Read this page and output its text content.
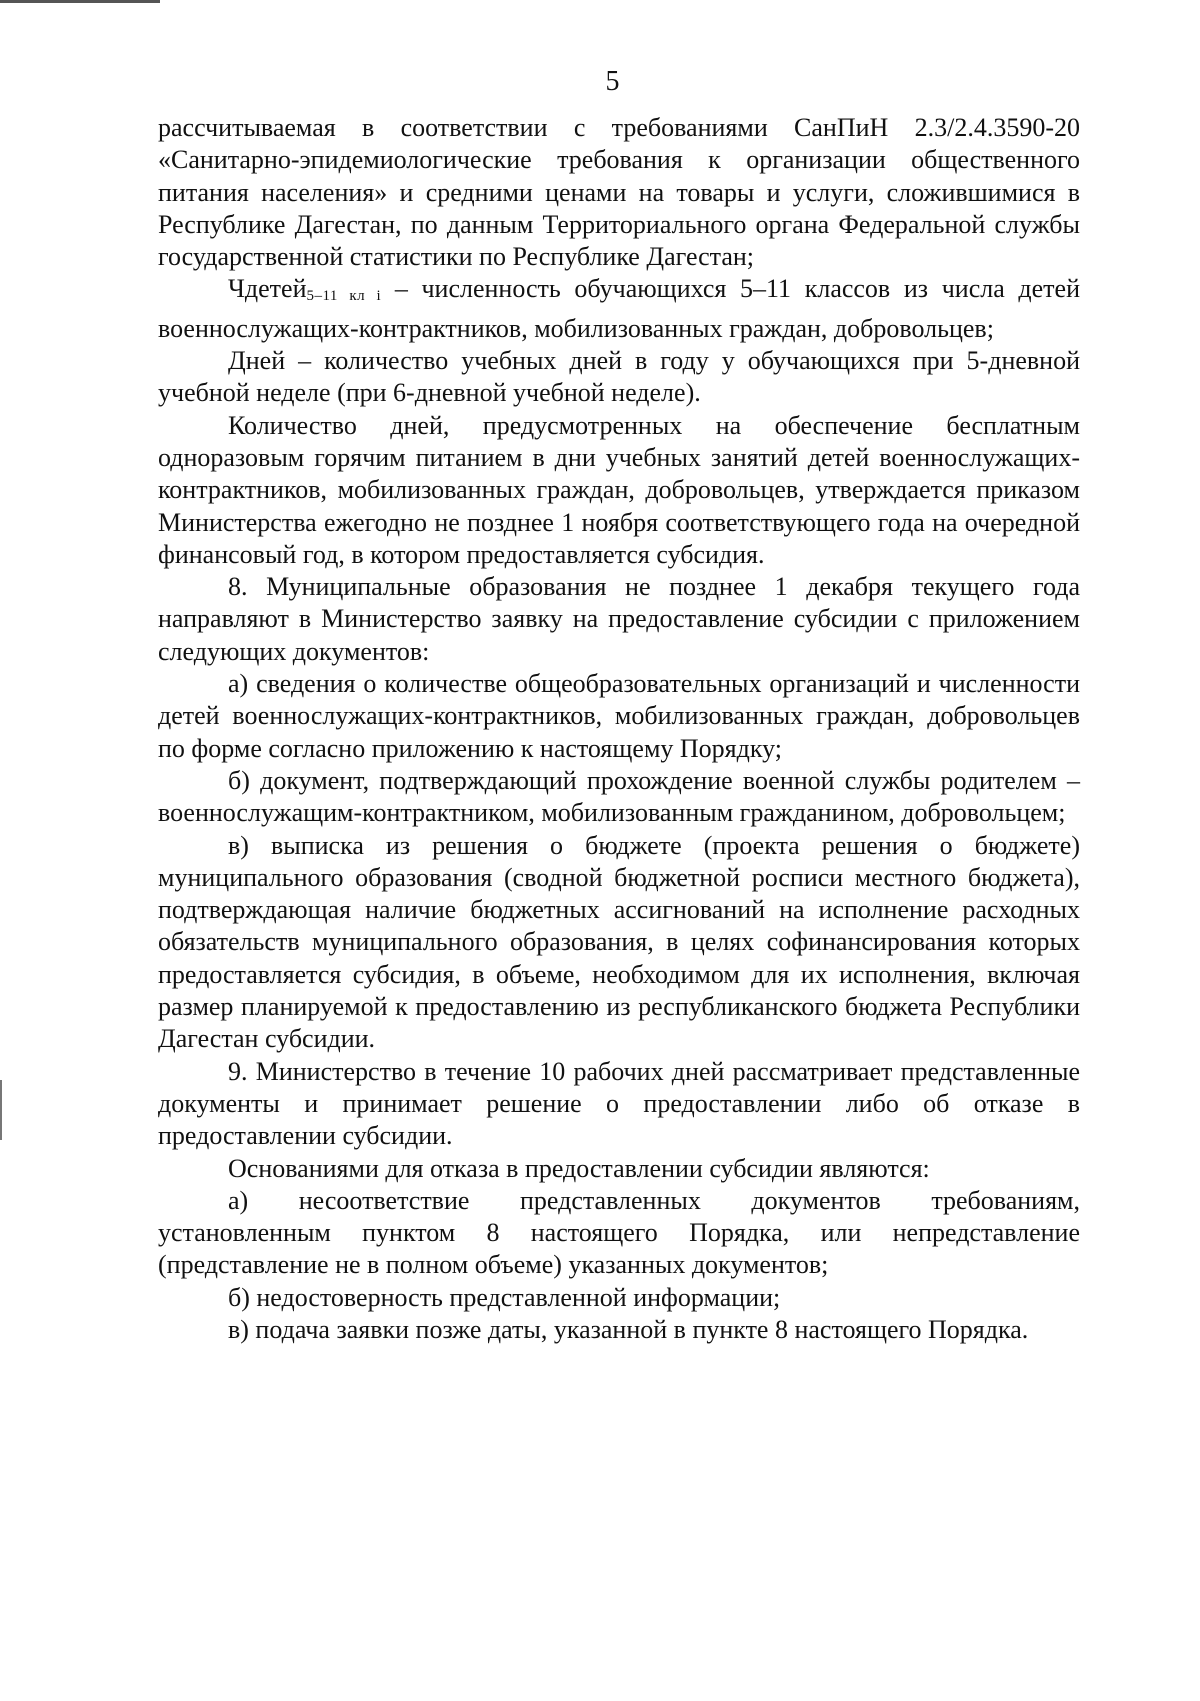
5

рассчитываемая в соответствии с требованиями СанПиН 2.3/2.4.3590-20 «Санитарно-эпидемиологические требования к организации общественного питания населения» и средними ценами на товары и услуги, сложившимися в Республике Дагестан, по данным Территориального органа Федеральной службы государственной статистики по Республике Дагестан;

Чдетей$_{5-11 кл i}$ – численность обучающихся 5–11 классов из числа детей военнослужащих-контрактников, мобилизованных граждан, добровольцев;

Дней – количество учебных дней в году у обучающихся при 5-дневной учебной неделе (при 6-дневной учебной неделе).

Количество дней, предусмотренных на обеспечение бесплатным одноразовым горячим питанием в дни учебных занятий детей военнослужащих-контрактников, мобилизованных граждан, добровольцев, утверждается приказом Министерства ежегодно не позднее 1 ноября соответствующего года на очередной финансовый год, в котором предоставляется субсидия.

8. Муниципальные образования не позднее 1 декабря текущего года направляют в Министерство заявку на предоставление субсидии с приложением следующих документов:

а) сведения о количестве общеобразовательных организаций и численности детей военнослужащих-контрактников, мобилизованных граждан, добровольцев по форме согласно приложению к настоящему Порядку;

б) документ, подтверждающий прохождение военной службы родителем – военнослужащим-контрактником, мобилизованным гражданином, добровольцем;

в) выписка из решения о бюджете (проекта решения о бюджете) муниципального образования (сводной бюджетной росписи местного бюджета), подтверждающая наличие бюджетных ассигнований на исполнение расходных обязательств муниципального образования, в целях софинансирования которых предоставляется субсидия, в объеме, необходимом для их исполнения, включая размер планируемой к предоставлению из республиканского бюджета Республики Дагестан субсидии.

9. Министерство в течение 10 рабочих дней рассматривает представленные документы и принимает решение о предоставлении либо об отказе в предоставлении субсидии.

Основаниями для отказа в предоставлении субсидии являются:

а) несоответствие представленных документов требованиям, установленным пунктом 8 настоящего Порядка, или непредставление (представление не в полном объеме) указанных документов;

б) недостоверность представленной информации;

в) подача заявки позже даты, указанной в пункте 8 настоящего Порядка.
